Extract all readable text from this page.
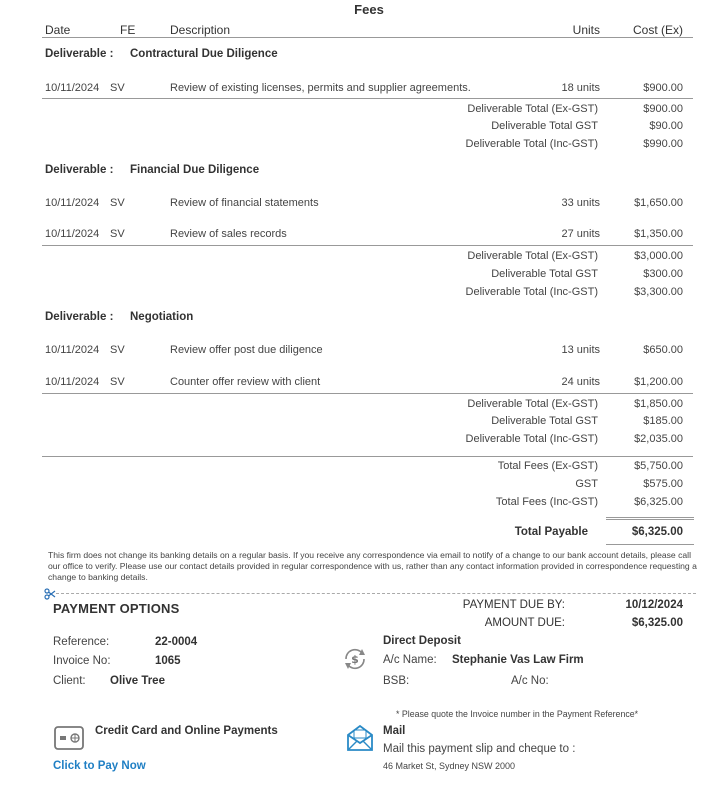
Fees
Date	FE	Description	Units	Cost (Ex)
Deliverable : Contractural Due Diligence
10/11/2024 SV	Review of existing licenses, permits and supplier agreements.	18 units	$900.00
Deliverable Total (Ex-GST)	$900.00
Deliverable Total GST	$90.00
Deliverable Total (Inc-GST)	$990.00
Deliverable : Financial Due Diligence
10/11/2024 SV	Review of financial statements	33 units	$1,650.00
10/11/2024 SV	Review of sales records	27 units	$1,350.00
Deliverable Total (Ex-GST)	$3,000.00
Deliverable Total GST	$300.00
Deliverable Total (Inc-GST)	$3,300.00
Deliverable : Negotiation
10/11/2024 SV	Review offer post due diligence	13 units	$650.00
10/11/2024 SV	Counter offer review with client	24 units	$1,200.00
Deliverable Total (Ex-GST)	$1,850.00
Deliverable Total GST	$185.00
Deliverable Total (Inc-GST)	$2,035.00
Total Fees (Ex-GST)	$5,750.00
GST	$575.00
Total Fees (Inc-GST)	$6,325.00
Total Payable	$6,325.00
This firm does not change its banking details on a regular basis. If you receive any correspondence via email to notify of a change to our bank account details, please call our office to verify. Please use our contact details provided in regular correspondence with us, rather than any contact information provided in correspondence requesting a change to banking details.
PAYMENT OPTIONS	PAYMENT DUE BY:	10/12/2024
AMOUNT DUE:	$6,325.00
Reference:	22-0004
Invoice No:	1065
Client: Olive Tree
$
Direct Deposit
A/c Name: Stephanie Vas Law Firm
BSB:	A/c No:
* Please quote the Invoice number in the Payment Reference*
Credit Card and Online Payments
Click to Pay Now
Mail
Mail this payment slip and cheque to :
46 Market St, Sydney NSW 2000
